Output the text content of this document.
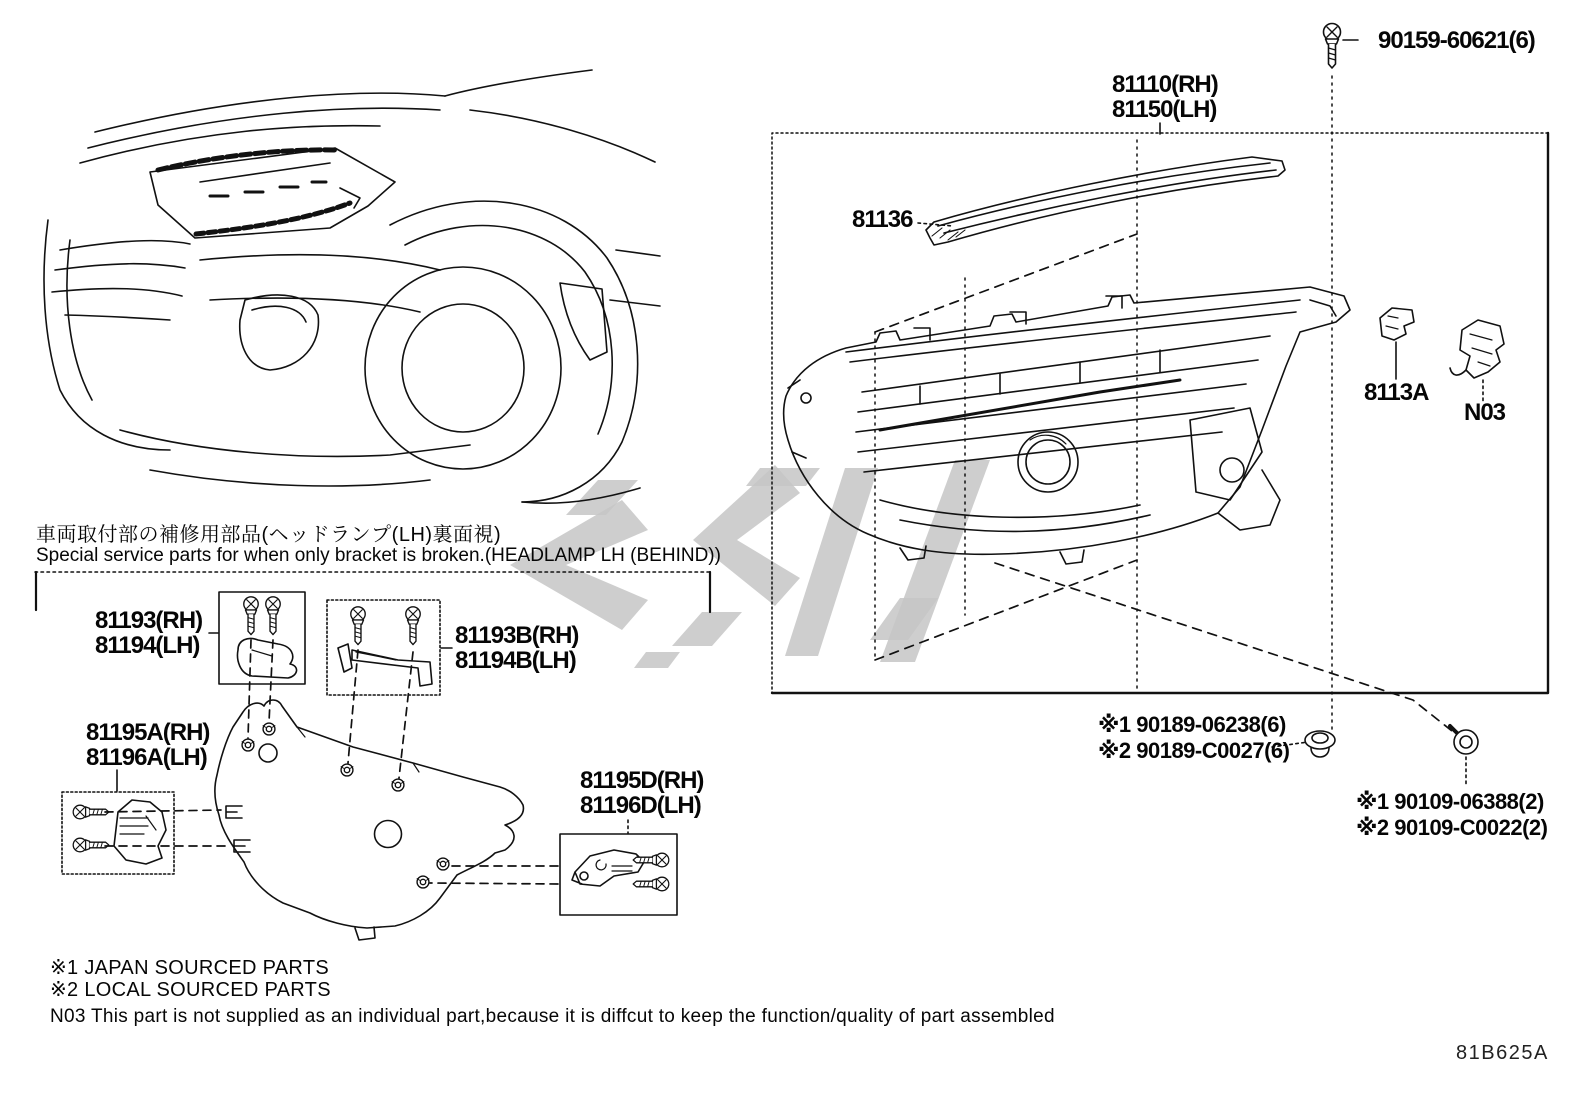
90159-60621(6)
81110(RH)
81150(LH)
81136
8113A
N03
車両取付部の補修用部品(ヘッドランプ(LH)裏面視)
Special service parts for when only bracket is broken.(HEADLAMP LH (BEHIND))
81193(RH)
81194(LH)	81193B(RH)
81194B(LH)
81195A(RH)
81196A(LH)
81195D(RH)
81196D(LH)
※1 90189-06238(6)
※2 90189-C0027(6)
※1 90109-06388(2)
※2 90109-C0022(2)
※1 JAPAN SOURCED PARTS
※2 LOCAL SOURCED PARTS
N03 This part is not supplied as an individual part,because it is diffcut to keep the function/quality of part assembled
81B625A
